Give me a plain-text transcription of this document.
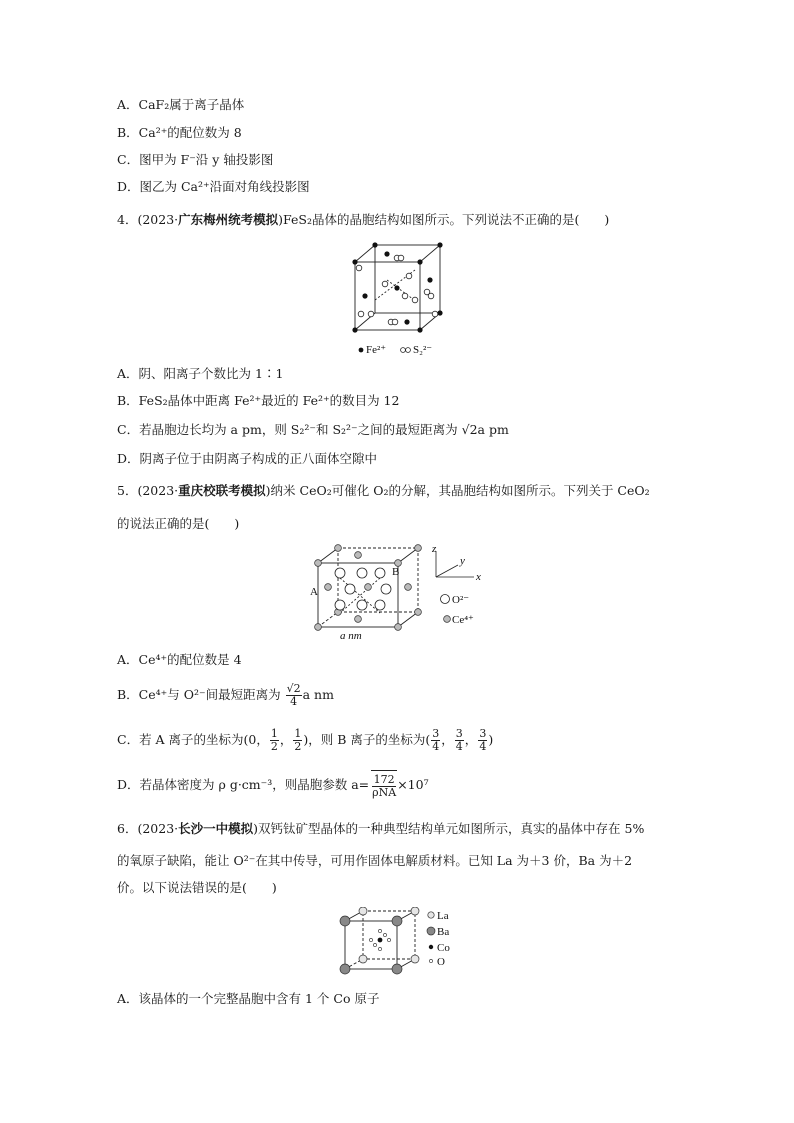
A．CaF₂属于离子晶体
B．Ca²⁺的配位数为 8
C．图甲为 F⁻沿 y 轴投影图
D．图乙为 Ca²⁺沿面对角线投影图
4．(2023·广东梅州统考模拟)FeS₂晶体的晶胞结构如图所示。下列说法不正确的是(　　)
Fe²⁺ S₂²⁻
A．阴、阳离子个数比为 1∶1
B．FeS₂晶体中距离 Fe²⁺最近的 Fe²⁺的数目为 12
C．若晶胞边长均为 a pm，则 S₂²⁻和 S₂²⁻之间的最短距离为 √2a pm
D．阴离子位于由阴离子构成的正八面体空隙中
5．(2023·重庆校联考模拟)纳米 CeO₂可催化 O₂的分解，其晶胞结构如图所示。下列关于 CeO₂
的说法正确的是(　　)
A
B
a nm
z
y
x
O²⁻
Ce⁴⁺
A．Ce⁴⁺的配位数是 4
B．Ce⁴⁺与 O²⁻间最短距离为 $\frac{√2}{4}$ a nm
C．若 A 离子的坐标为(0， $\frac{1}{2}$ ， $\frac{1}{2}$ )，则 B 离子的坐标为( $\frac{3}{4}$ ， $\frac{3}{4}$ ， $\frac{3}{4}$ )
D．若晶体密度为 ρ g·cm⁻³，则晶胞参数 $a= \frac{172}{\text{ρNA}} \times 10^7$
6．(2023·长沙一中模拟)双钙钛矿型晶体的一种典型结构单元如图所示，真实的晶体中存在 5%
的氧原子缺陷，能让 O²⁻在其中传导，可用作固体电解质材料。已知 La 为＋3 价，Ba 为＋2
价。以下说法错误的是(　　)
La
Ba
Co
O
A．该晶体的一个完整晶胞中含有 1 个 Co 原子
